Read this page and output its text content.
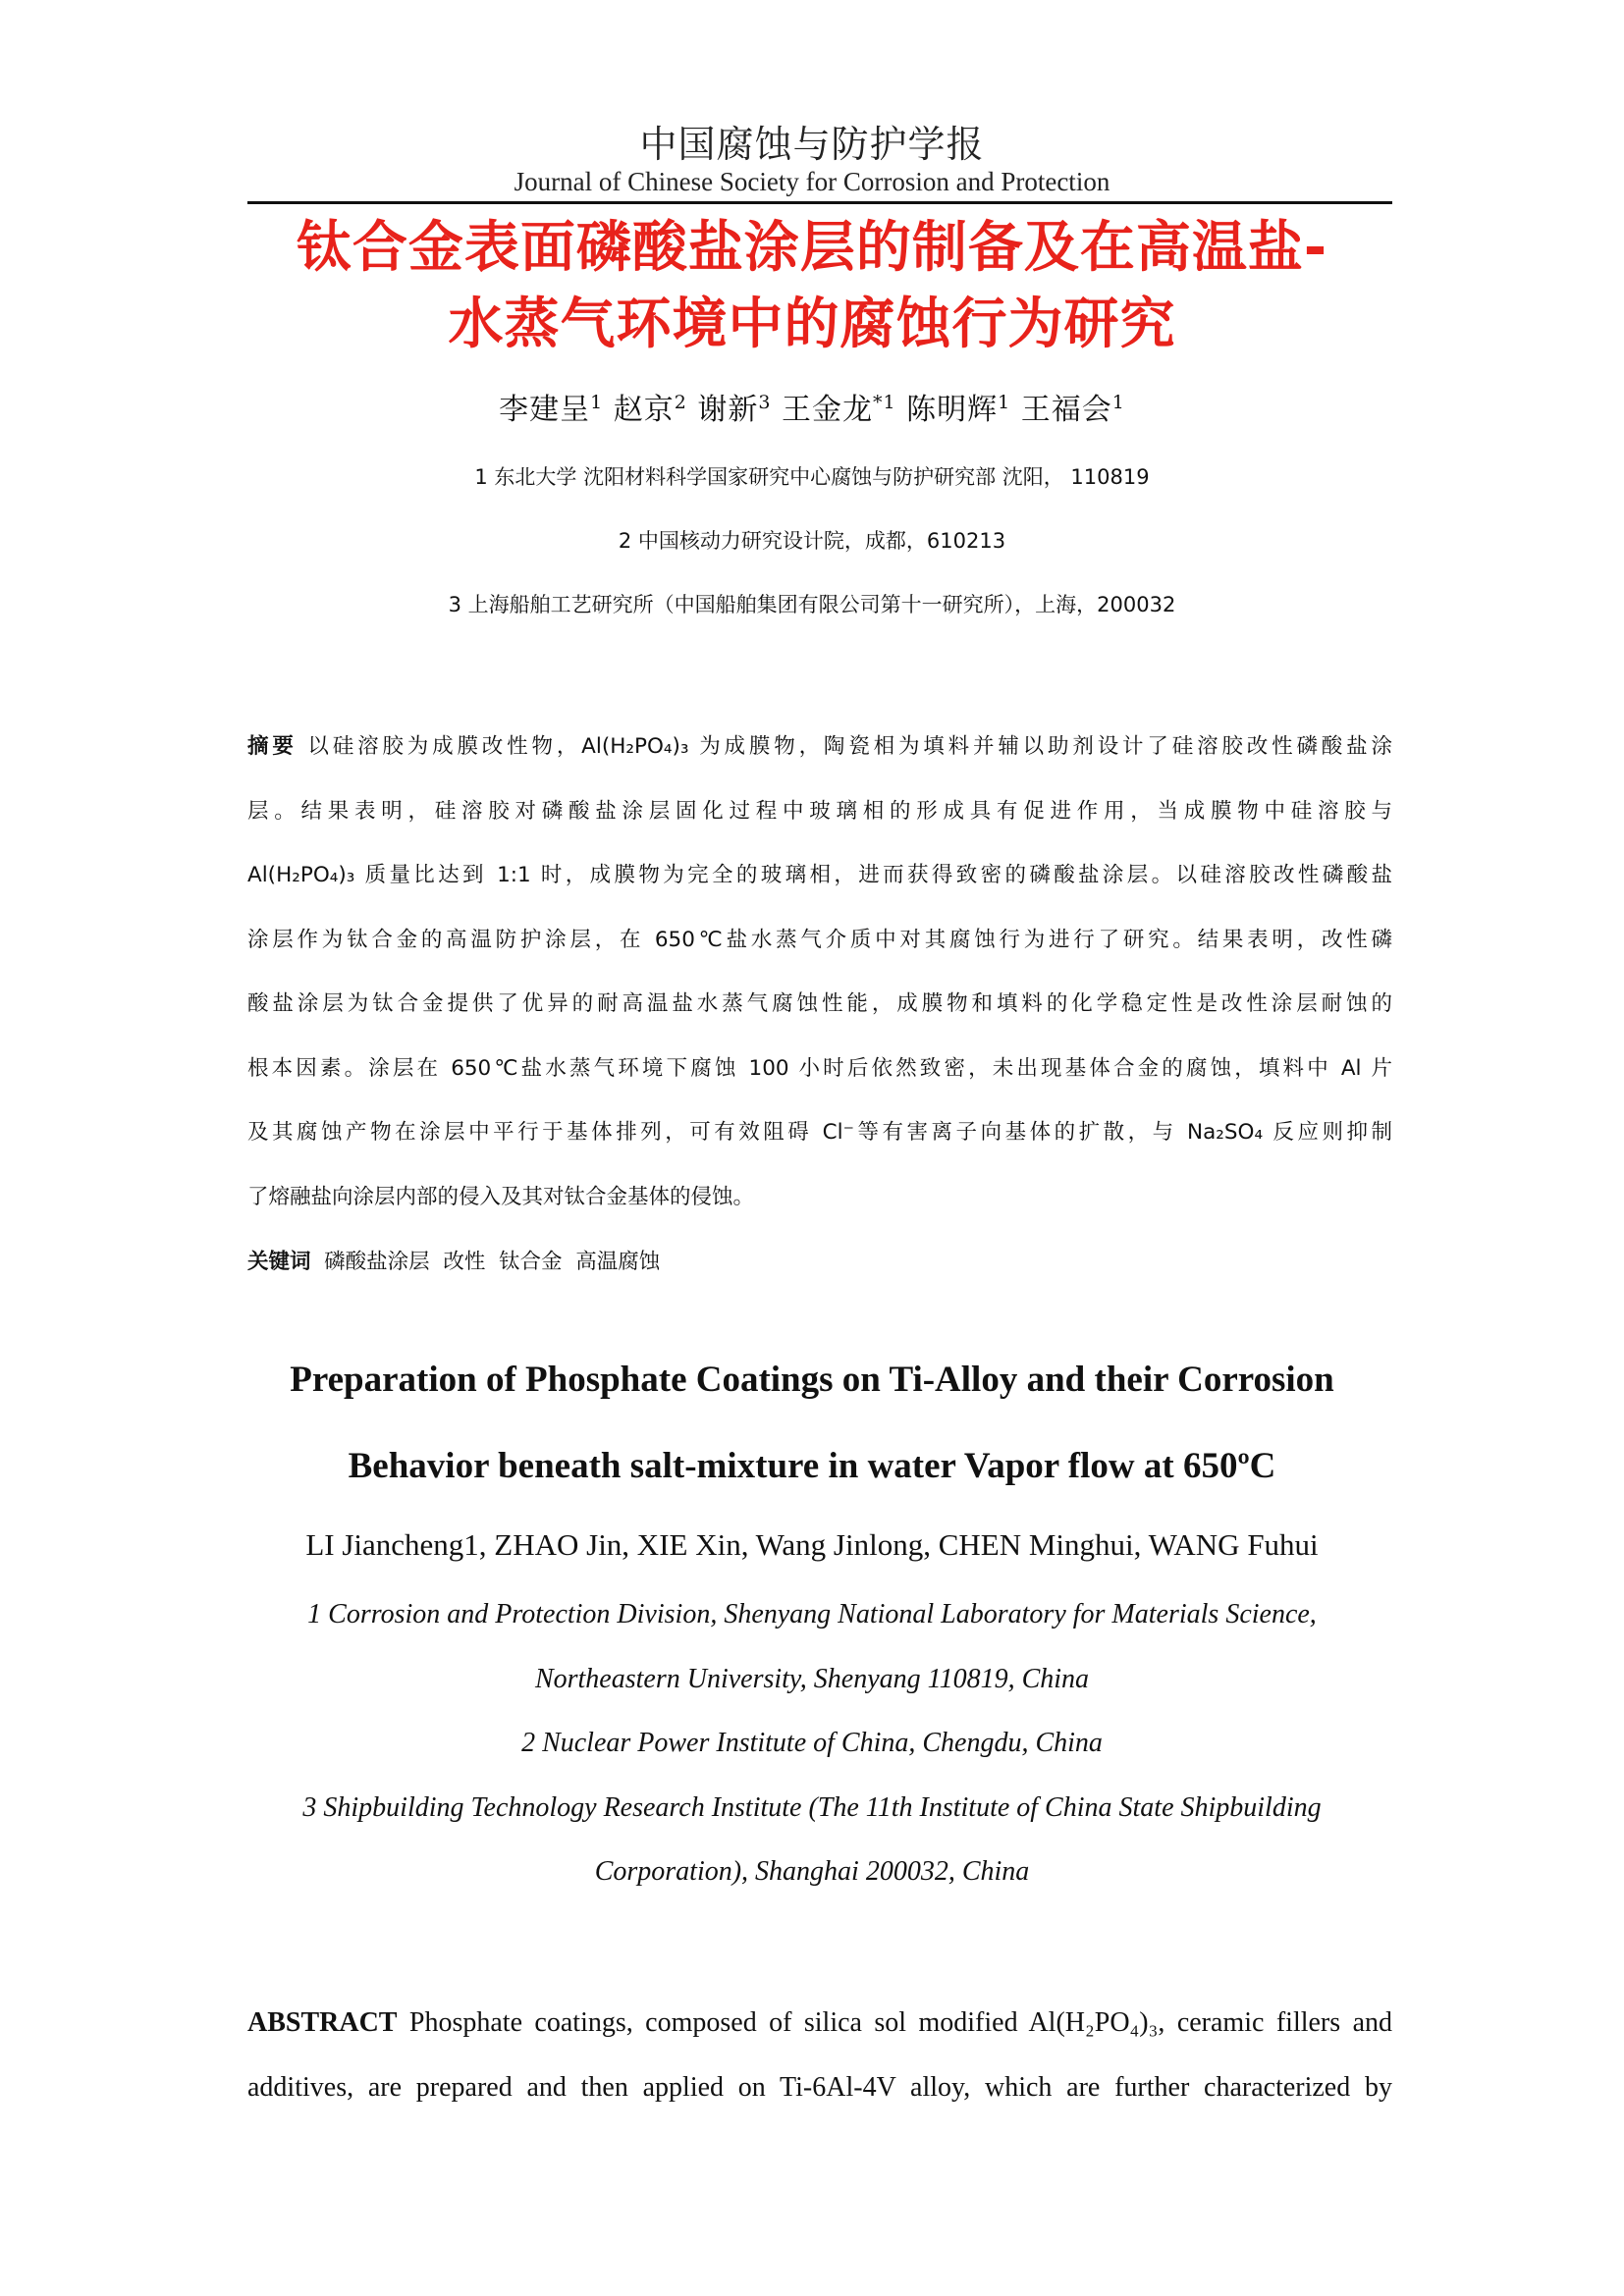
中国腐蚀与防护学报
Journal of Chinese Society for Corrosion and Protection
钛合金表面磷酸盐涂层的制备及在高温盐-
水蒸气环境中的腐蚀行为研究
李建呈$^1$ 赵京$^2$ 谢新$^3$ 王金龙$^{*1}$ 陈明辉$^1$ 王福会$^1$
1 东北大学 沈阳材料科学国家研究中心腐蚀与防护研究部 沈阳， 110819
2 中国核动力研究设计院，成都，610213
3 上海船舶工艺研究所（中国船舶集团有限公司第十一研究所），上海，200032
摘要 以硅溶胶为成膜改性物，Al(H₂PO₄)₃ 为成膜物，陶瓷相为填料并辅以助剂设计了硅溶胶改性磷酸盐涂
层。结果表明，硅溶胶对磷酸盐涂层固化过程中玻璃相的形成具有促进作用，当成膜物中硅溶胶与
Al(H₂PO₄)₃ 质量比达到 1:1 时，成膜物为完全的玻璃相，进而获得致密的磷酸盐涂层。以硅溶胶改性磷酸盐
涂层作为钛合金的高温防护涂层，在 650℃盐水蒸气介质中对其腐蚀行为进行了研究。结果表明，改性磷
酸盐涂层为钛合金提供了优异的耐高温盐水蒸气腐蚀性能，成膜物和填料的化学稳定性是改性涂层耐蚀的
根本因素。涂层在 650℃盐水蒸气环境下腐蚀 100 小时后依然致密，未出现基体合金的腐蚀，填料中 Al 片
及其腐蚀产物在涂层中平行于基体排列，可有效阻碍 Cl⁻等有害离子向基体的扩散，与 Na₂SO₄ 反应则抑制
了熔融盐向涂层内部的侵入及其对钛合金基体的侵蚀。
关键词  磷酸盐涂层  改性  钛合金  高温腐蚀
Preparation of Phosphate Coatings on Ti-Alloy and their Corrosion
Behavior beneath salt-mixture in water Vapor flow at 650ºC
LI Jiancheng1, ZHAO Jin, XIE Xin, Wang Jinlong, CHEN Minghui, WANG Fuhui
1 Corrosion and Protection Division, Shenyang National Laboratory for Materials Science,
Northeastern University, Shenyang 110819, China
2 Nuclear Power Institute of China, Chengdu, China
3 Shipbuilding Technology Research Institute (The 11th Institute of China State Shipbuilding
Corporation), Shanghai 200032, China
ABSTRACT Phosphate coatings, composed of silica sol modified Al(H₂PO₄)₃, ceramic fillers and
additives, are prepared and then applied on Ti-6Al-4V alloy, which are further characterized by
